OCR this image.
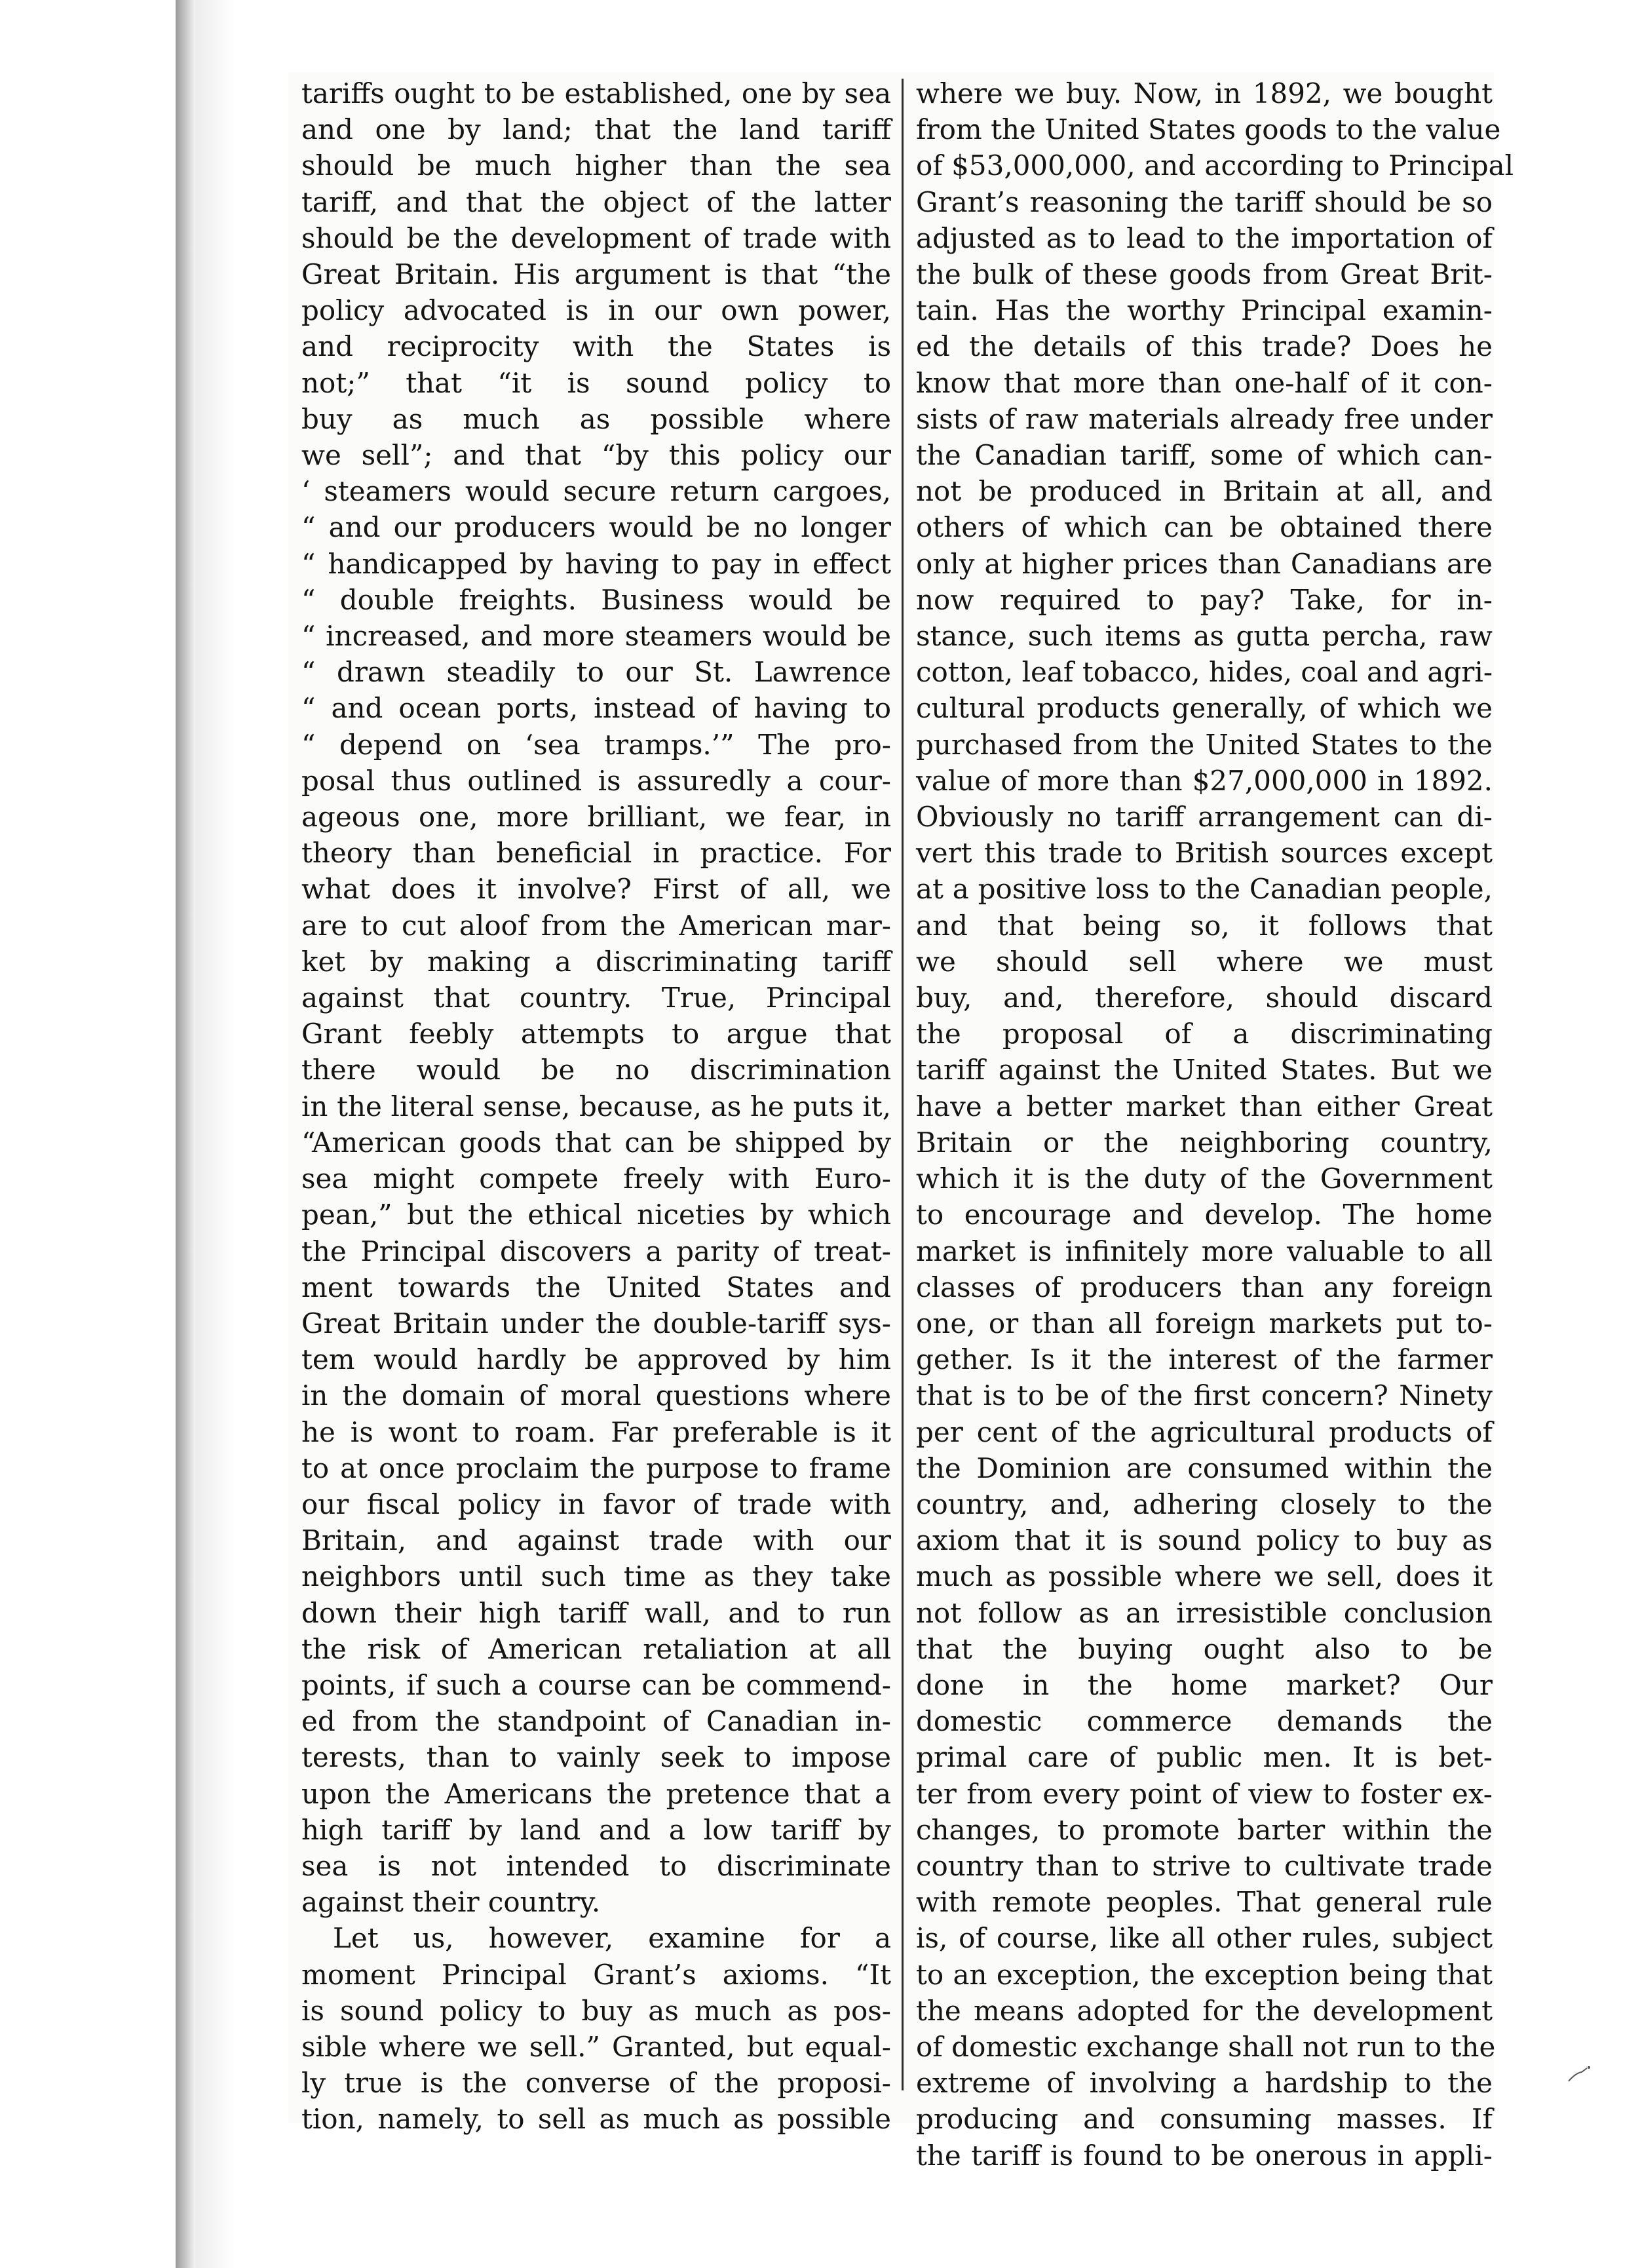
tariffs ought to be established, one by sea
and one by land; that the land tariff
should be much higher than the sea
tariff, and that the object of the latter
should be the development of trade with
Great Britain. His argument is that “the
policy advocated is in our own power,
and reciprocity with the States is
not;” that “it is sound policy to
buy as much as possible where
we sell”; and that “by this policy our
‘ steamers would secure return cargoes,
“ and our producers would be no longer
“ handicapped by having to pay in effect
“ double freights. Business would be
“ increased, and more steamers would be
“ drawn steadily to our St. Lawrence
“ and ocean ports, instead of having to
“ depend on ‘sea tramps.’” The pro-
posal thus outlined is assuredly a cour-
ageous one, more brilliant, we fear, in
theory than beneficial in practice. For
what does it involve? First of all, we
are to cut aloof from the American mar-
ket by making a discriminating tariff
against that country. True, Principal
Grant feebly attempts to argue that
there would be no discrimination
in the literal sense, because, as he puts it,
“American goods that can be shipped by
sea might compete freely with Euro-
pean,” but the ethical niceties by which
the Principal discovers a parity of treat-
ment towards the United States and
Great Britain under the double-tariff sys-
tem would hardly be approved by him
in the domain of moral questions where
he is wont to roam. Far preferable is it
to at once proclaim the purpose to frame
our fiscal policy in favor of trade with
Britain, and against trade with our
neighbors until such time as they take
down their high tariff wall, and to run
the risk of American retaliation at all
points, if such a course can be commend-
ed from the standpoint of Canadian in-
terests, than to vainly seek to impose
upon the Americans the pretence that a
high tariff by land and a low tariff by
sea is not intended to discriminate
against their country.
Let us, however, examine for a
moment Principal Grant’s axioms. “It
is sound policy to buy as much as pos-
sible where we sell.” Granted, but equal-
ly true is the converse of the proposi-
tion, namely, to sell as much as possible
where we buy. Now, in 1892, we bought
from the United States goods to the value
of $53,000,000, and according to Principal
Grant’s reasoning the tariff should be so
adjusted as to lead to the importation of
the bulk of these goods from Great Brit-
tain. Has the worthy Principal examin-
ed the details of this trade? Does he
know that more than one-half of it con-
sists of raw materials already free under
the Canadian tariff, some of which can-
not be produced in Britain at all, and
others of which can be obtained there
only at higher prices than Canadians are
now required to pay? Take, for in-
stance, such items as gutta percha, raw
cotton, leaf tobacco, hides, coal and agri-
cultural products generally, of which we
purchased from the United States to the
value of more than $27,000,000 in 1892.
Obviously no tariff arrangement can di-
vert this trade to British sources except
at a positive loss to the Canadian people,
and that being so, it follows that
we should sell where we must
buy, and, therefore, should discard
the proposal of a discriminating
tariff against the United States. But we
have a better market than either Great
Britain or the neighboring country,
which it is the duty of the Government
to encourage and develop. The home
market is infinitely more valuable to all
classes of producers than any foreign
one, or than all foreign markets put to-
gether. Is it the interest of the farmer
that is to be of the first concern? Ninety
per cent of the agricultural products of
the Dominion are consumed within the
country, and, adhering closely to the
axiom that it is sound policy to buy as
much as possible where we sell, does it
not follow as an irresistible conclusion
that the buying ought also to be
done in the home market? Our
domestic commerce demands the
primal care of public men. It is bet-
ter from every point of view to foster ex-
changes, to promote barter within the
country than to strive to cultivate trade
with remote peoples. That general rule
is, of course, like all other rules, subject
to an exception, the exception being that
the means adopted for the development
of domestic exchange shall not run to the
extreme of involving a hardship to the
producing and consuming masses. If
the tariff is found to be onerous in appli-
